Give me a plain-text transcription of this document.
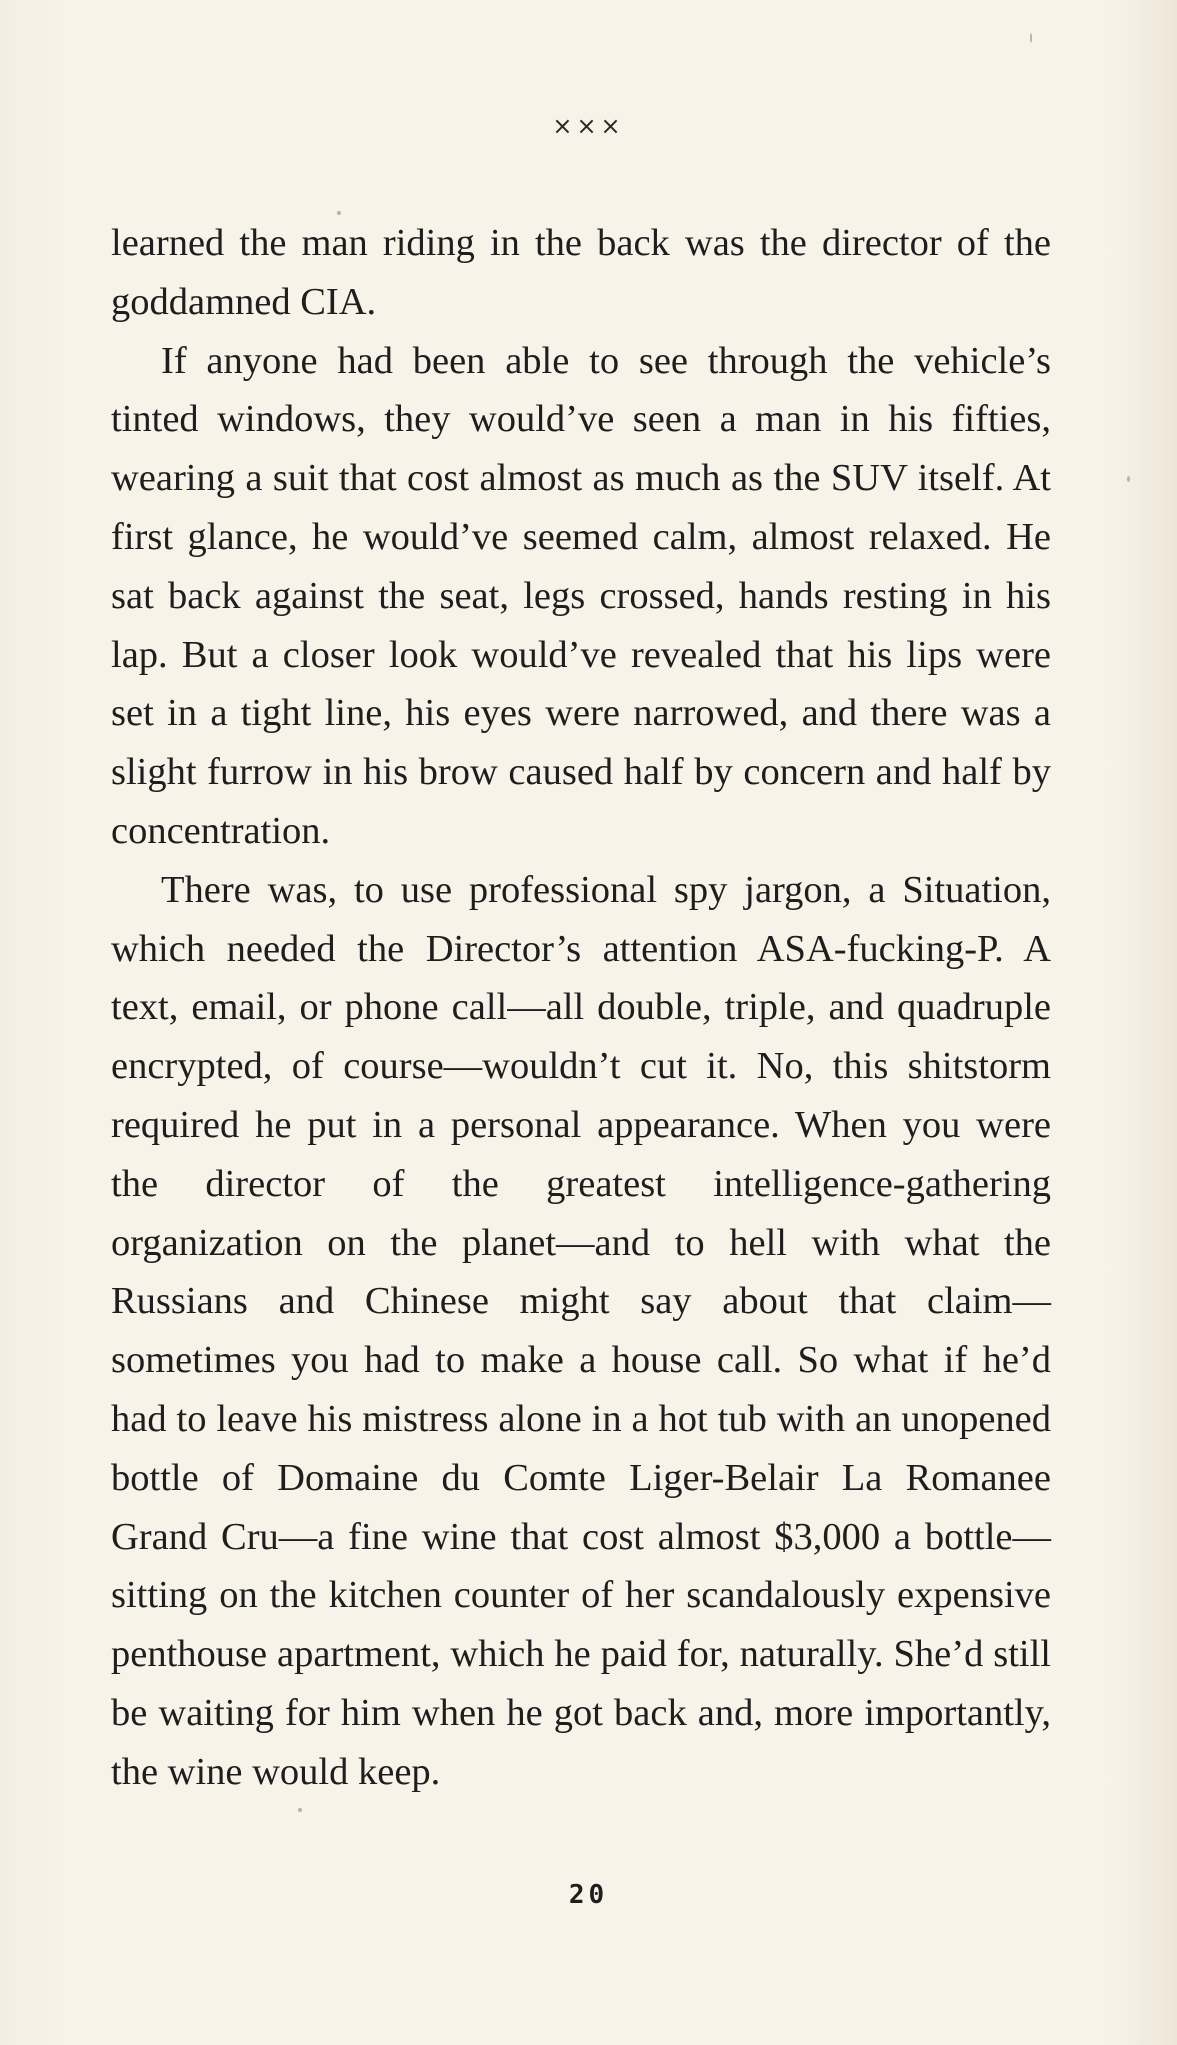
×××

learned the man riding in the back was the director of the goddamned CIA.

If anyone had been able to see through the vehicle’s tinted windows, they would’ve seen a man in his fifties, wearing a suit that cost almost as much as the SUV itself. At first glance, he would’ve seemed calm, almost relaxed. He sat back against the seat, legs crossed, hands resting in his lap. But a closer look would’ve revealed that his lips were set in a tight line, his eyes were narrowed, and there was a slight furrow in his brow caused half by concern and half by concentration.

There was, to use professional spy jargon, a Situation, which needed the Director’s attention ASA-fucking-P. A text, email, or phone call—all double, triple, and quadruple encrypted, of course—wouldn’t cut it. No, this shitstorm required he put in a personal appearance. When you were the director of the greatest intelligence-gathering organization on the planet—and to hell with what the Russians and Chinese might say about that claim—sometimes you had to make a house call. So what if he’d had to leave his mistress alone in a hot tub with an unopened bottle of Domaine du Comte Liger-Belair La Romanee Grand Cru—a fine wine that cost almost $3,000 a bottle—sitting on the kitchen counter of her scandalously expensive penthouse apartment, which he paid for, naturally. She’d still be waiting for him when he got back and, more importantly, the wine would keep.

20
